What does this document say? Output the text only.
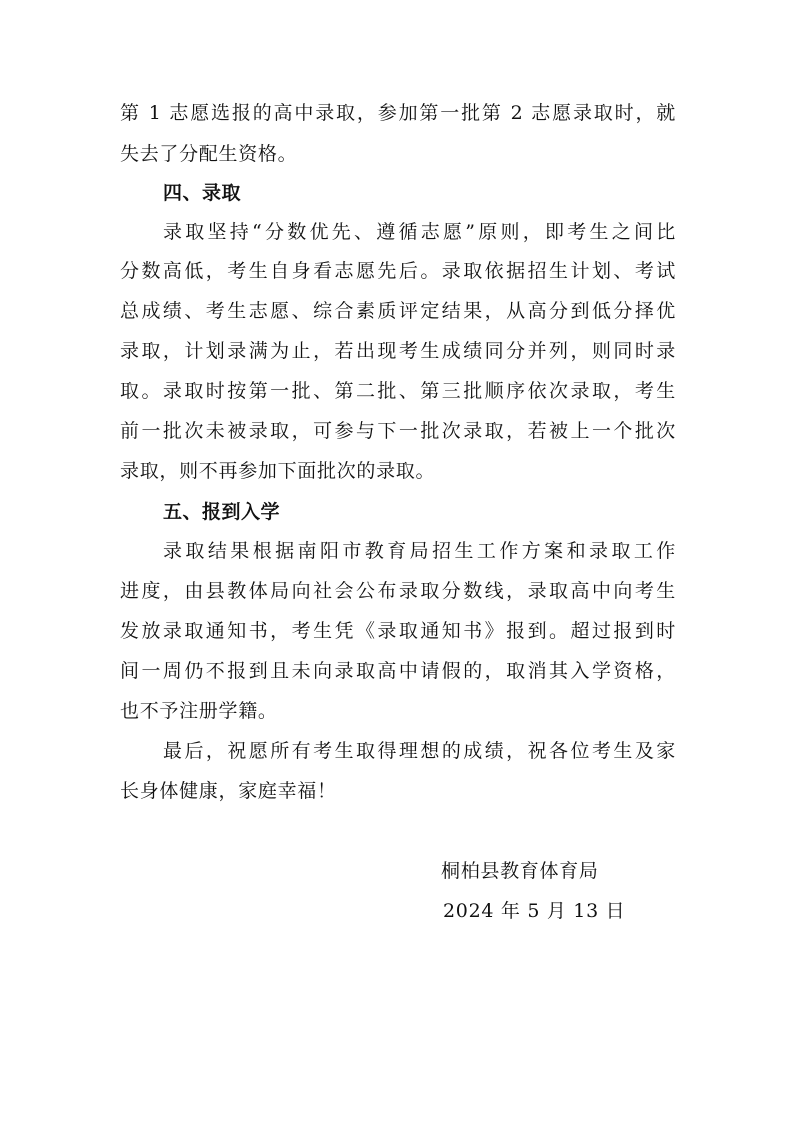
第 1 志愿选报的高中录取，参加第一批第 2 志愿录取时，就
失去了分配生资格。
四、录取
录取坚持“分数优先、遵循志愿”原则，即考生之间比
分数高低，考生自身看志愿先后。录取依据招生计划、考试
总成绩、考生志愿、综合素质评定结果，从高分到低分择优
录取，计划录满为止，若出现考生成绩同分并列，则同时录
取。录取时按第一批、第二批、第三批顺序依次录取，考生
前一批次未被录取，可参与下一批次录取，若被上一个批次
录取，则不再参加下面批次的录取。
五、报到入学
录取结果根据南阳市教育局招生工作方案和录取工作
进度，由县教体局向社会公布录取分数线，录取高中向考生
发放录取通知书，考生凭《录取通知书》报到。超过报到时
间一周仍不报到且未向录取高中请假的，取消其入学资格，
也不予注册学籍。
最后，祝愿所有考生取得理想的成绩，祝各位考生及家
长身体健康，家庭幸福！
桐柏县教育体育局
2024 年 5 月 13 日
